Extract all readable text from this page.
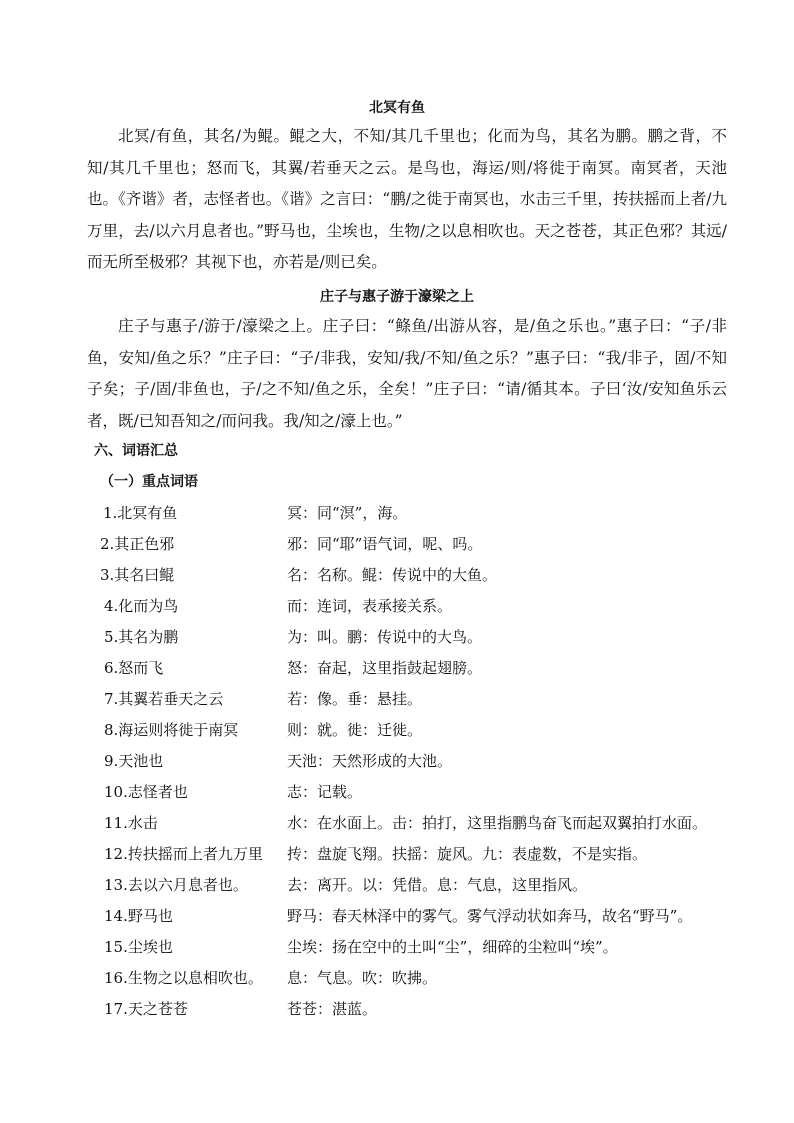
北冥有鱼

北冥/有鱼，其名/为鲲。鲲之大，不知/其几千里也；化而为鸟，其名为鹏。鹏之背，不知/其几千里也；怒而飞，其翼/若垂天之云。是鸟也，海运/则/将徙于南冥。南冥者，天池也。《齐谐》者，志怪者也。《谐》之言曰：“鹏/之徙于南冥也，水击三千里，抟扶摇而上者/九万里，去/以六月息者也。”野马也，尘埃也，生物/之以息相吹也。天之苍苍，其正色邪？其远/而无所至极邪？其视下也，亦若是/则已矣。

庄子与惠子游于濠梁之上

庄子与惠子/游于/濠梁之上。庄子曰：“鲦鱼/出游从容，是/鱼之乐也。”惠子曰：“子/非鱼，安知/鱼之乐？”庄子曰：“子/非我，安知/我/不知/鱼之乐？”惠子曰：“我/非子，固/不知子矣；子/固/非鱼也，子/之不知/鱼之乐，全矣！”庄子曰：“请/循其本。子曰‘汝/安知鱼乐云者，既/已知吾知之/而问我。我/知之/濠上也。”

六、词语汇总
（一）重点词语
1.北冥有鱼	冥：同“溟”，海。
2.其正色邪	邪：同“耶”语气词，呢、吗。
3.其名曰鲲	名：名称。鲲：传说中的大鱼。
4.化而为鸟	而：连词，表承接关系。
5.其名为鹏	为：叫。鹏：传说中的大鸟。
6.怒而飞	怒：奋起，这里指鼓起翅膀。
7.其翼若垂天之云	若：像。垂：悬挂。
8.海运则将徙于南冥	则：就。徙：迁徙。
9.天池也	天池：天然形成的大池。
10.志怪者也	志：记载。
11.水击	水：在水面上。击：拍打，这里指鹏鸟奋飞而起双翼拍打水面。
12.抟扶摇而上者九万里 抟：盘旋飞翔。扶摇：旋风。九：表虚数，不是实指。
13.去以六月息者也。	去：离开。以：凭借。息：气息，这里指风。
14.野马也	野马：春天林泽中的雾气。雾气浮动状如奔马，故名“野马”。
15.尘埃也	尘埃：扬在空中的土叫“尘”，细碎的尘粒叫“埃”。
16.生物之以息相吹也。 息：气息。吹：吹拂。
17.天之苍苍	苍苍：湛蓝。
